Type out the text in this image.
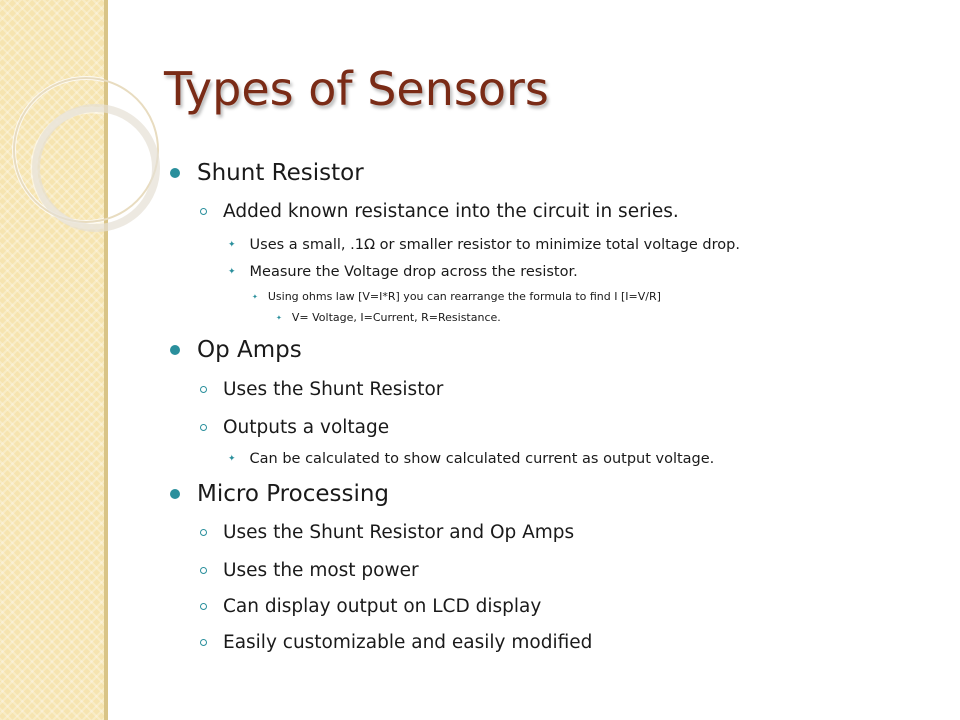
Types of Sensors
Shunt Resistor
Added known resistance into the circuit in series.
✦ Uses a small, .1Ω or smaller resistor to minimize total voltage drop.
✦ Measure the Voltage drop across the resistor.
✦ Using ohms law [V=I*R] you can rearrange the formula to find I [I=V/R]
✦ V= Voltage, I=Current, R=Resistance.
Op Amps
Uses the Shunt Resistor
Outputs a voltage
✦ Can be calculated to show calculated current as output voltage.
Micro Processing
Uses the Shunt Resistor and Op Amps
Uses the most power
Can display output on LCD display
Easily customizable and easily modified
